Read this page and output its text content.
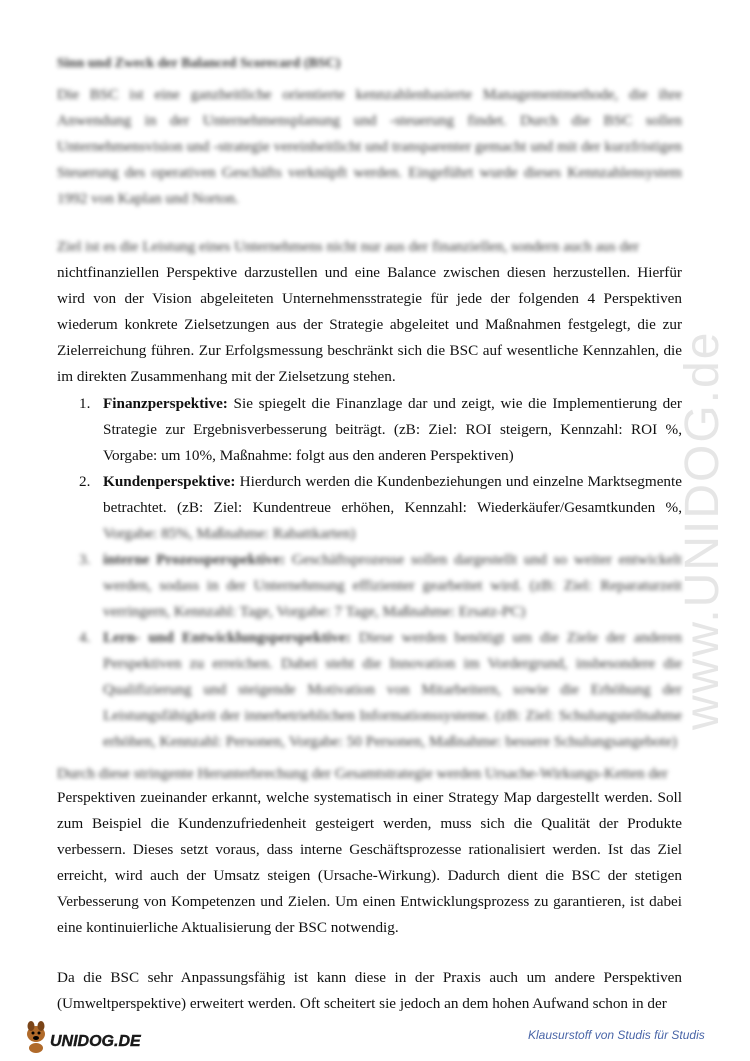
Sinn und Zweck der Balanced Scorecard (BSC)
Die BSC ist eine ganzheitliche orientierte kennzahlenbasierte Managementmethode, die ihre Anwendung in der Unternehmensplanung und -steuerung findet. Durch die BSC sollen Unternehmensvision und -strategie vereinheitlicht und transparenter gemacht und mit der kurzfristigen Steuerung des operativen Geschäfts verknüpft werden. Eingeführt wurde dieses Kennzahlensystem 1992 von Kaplan und Norton.
Ziel ist es die Leistung eines Unternehmens nicht nur aus der finanziellen, sondern auch aus der
nichtfinanziellen Perspektive darzustellen und eine Balance zwischen diesen herzustellen. Hierfür wird von der Vision abgeleiteten Unternehmensstrategie für jede der folgenden 4 Perspektiven wiederum konkrete Zielsetzungen aus der Strategie abgeleitet und Maßnahmen festgelegt, die zur Zielerreichung führen. Zur Erfolgsmessung beschränkt sich die BSC auf wesentliche Kennzahlen, die im direkten Zusammenhang mit der Zielsetzung stehen.
1. Finanzperspektive: Sie spiegelt die Finanzlage dar und zeigt, wie die Implementierung der Strategie zur Ergebnisverbesserung beiträgt. (zB: Ziel: ROI steigern, Kennzahl: ROI %, Vorgabe: um 10%, Maßnahme: folgt aus den anderen Perspektiven)
2. Kundenperspektive: Hierdurch werden die Kundenbeziehungen und einzelne Marktsegmente betrachtet. (zB: Ziel: Kundentreue erhöhen, Kennzahl: Wiederkäufer/Gesamtkunden %, Vorgabe: 85%, Maßnahme: Rabattkarten)
3. interne Prozessperspektive: Geschäftsprozesse sollen dargestellt und so weiter entwickelt werden, sodass in der Unternehmung effizienter gearbeitet wird. (zB: Ziel: Reparaturzeit verringern, Kennzahl: Tage, Vorgabe: 7 Tage, Maßnahme: Ersatz-PC)
4. Lern- und Entwicklungsperspektive: Diese werden benötigt um die Ziele der anderen Perspektiven zu erreichen. Dabei steht die Innovation im Vordergrund, insbesondere die Qualifizierung und steigende Motivation von Mitarbeitern, sowie die Erhöhung der Leistungsfähigkeit der innerbetrieblichen Informationssysteme. (zB: Ziel: Schulungsteilnahme erhöhen, Kennzahl: Personen, Vorgabe: 50 Personen, Maßnahme: bessere Schulungsangebote)
Durch diese stringente Herunterbrechung der Gesamtstrategie werden Ursache-Wirkungs-Ketten der
Perspektiven zueinander erkannt, welche systematisch in einer Strategy Map dargestellt werden. Soll zum Beispiel die Kundenzufriedenheit gesteigert werden, muss sich die Qualität der Produkte verbessern. Dieses setzt voraus, dass interne Geschäftsprozesse rationalisiert werden. Ist das Ziel erreicht, wird auch der Umsatz steigen (Ursache-Wirkung). Dadurch dient die BSC der stetigen Verbesserung von Kompetenzen und Zielen. Um einen Entwicklungsprozess zu garantieren, ist dabei eine kontinuierliche Aktualisierung der BSC notwendig.
Da die BSC sehr Anpassungsfähig ist kann diese in der Praxis auch um andere Perspektiven (Umweltperspektive) erweitert werden. Oft scheitert sie jedoch an dem hohen Aufwand schon in der
www.UNIDOG.de
UNIDOG.DE	Klausurstoff von Studis für Studis
